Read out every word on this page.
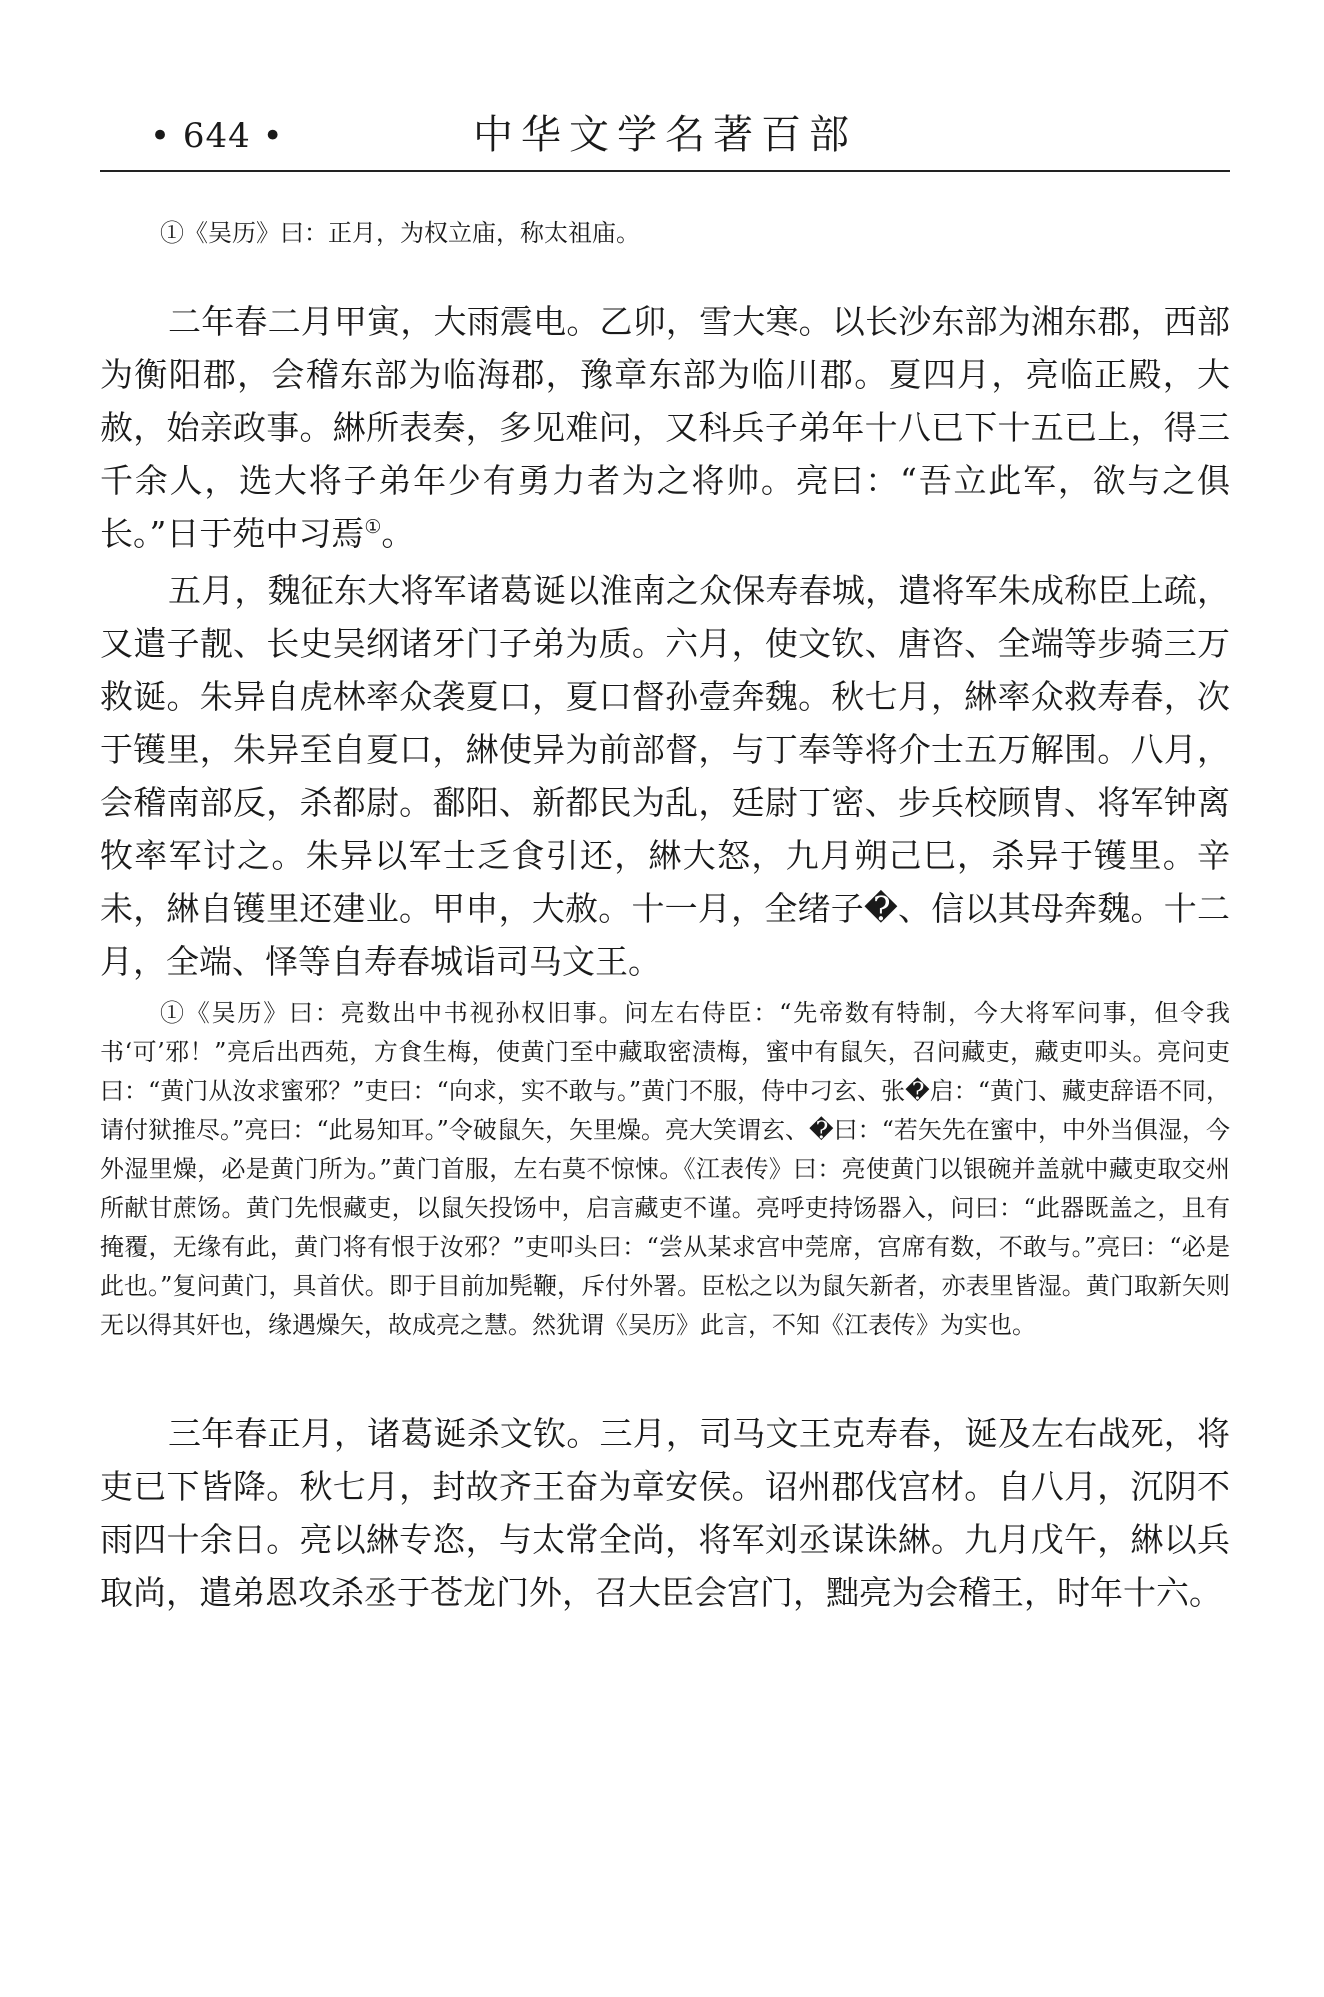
• 644 •	中华文学名著百部

①《吴历》曰：正月，为权立庙，称太祖庙。

二年春二月甲寅，大雨震电。乙卯，雪大寒。以长沙东部为湘东郡，西部为衡阳郡，会稽东部为临海郡，豫章东部为临川郡。夏四月，亮临正殿，大赦，始亲政事。綝所表奏，多见难问，又科兵子弟年十八已下十五已上，得三千余人，选大将子弟年少有勇力者为之将帅。亮曰：“吾立此军，欲与之俱长。”日于苑中习焉①。

五月，魏征东大将军诸葛诞以淮南之众保寿春城，遣将军朱成称臣上疏，又遣子靓、长史吴纲诸牙门子弟为质。六月，使文钦、唐咨、全端等步骑三万救诞。朱异自虎林率众袭夏口，夏口督孙壹奔魏。秋七月，綝率众救寿春，次于镬里，朱异至自夏口，綝使异为前部督，与丁奉等将介士五万解围。八月，会稽南部反，杀都尉。鄱阳、新都民为乱，廷尉丁密、步兵校顾胄、将军钟离牧率军讨之。朱异以军士乏食引还，綝大怒，九月朔己巳，杀异于镬里。辛未，綝自镬里还建业。甲申，大赦。十一月，全绪子�、信以其母奔魏。十二月，全端、怿等自寿春城诣司马文王。

①《吴历》曰：亮数出中书视孙权旧事。问左右侍臣：“先帝数有特制，今大将军问事，但令我书‘可’邪！”亮后出西苑，方食生梅，使黄门至中藏取密渍梅，蜜中有鼠矢，召问藏吏，藏吏叩头。亮问吏曰：“黄门从汝求蜜邪？”吏曰：“向求，实不敢与。”黄门不服，侍中刁玄、张�启：“黄门、藏吏辞语不同，请付狱推尽。”亮曰：“此易知耳。”令破鼠矢，矢里燥。亮大笑谓玄、�曰：“若矢先在蜜中，中外当俱湿，今外湿里燥，必是黄门所为。”黄门首服，左右莫不惊悚。《江表传》曰：亮使黄门以银碗并盖就中藏吏取交州所献甘蔗饧。黄门先恨藏吏，以鼠矢投饧中，启言藏吏不谨。亮呼吏持饧器入，问曰：“此器既盖之，且有掩覆，无缘有此，黄门将有恨于汝邪？”吏叩头曰：“尝从某求宫中莞席，宫席有数，不敢与。”亮曰：“必是此也。”复问黄门，具首伏。即于目前加髡鞭，斥付外署。臣松之以为鼠矢新者，亦表里皆湿。黄门取新矢则无以得其奸也，缘遇燥矢，故成亮之慧。然犹谓《吴历》此言，不知《江表传》为实也。

三年春正月，诸葛诞杀文钦。三月，司马文王克寿春，诞及左右战死，将吏已下皆降。秋七月，封故齐王奋为章安侯。诏州郡伐宫材。自八月，沉阴不雨四十余日。亮以綝专恣，与太常全尚，将军刘丞谋诛綝。九月戊午，綝以兵取尚，遣弟恩攻杀丞于苍龙门外，召大臣会宫门，黜亮为会稽王，时年十六。
